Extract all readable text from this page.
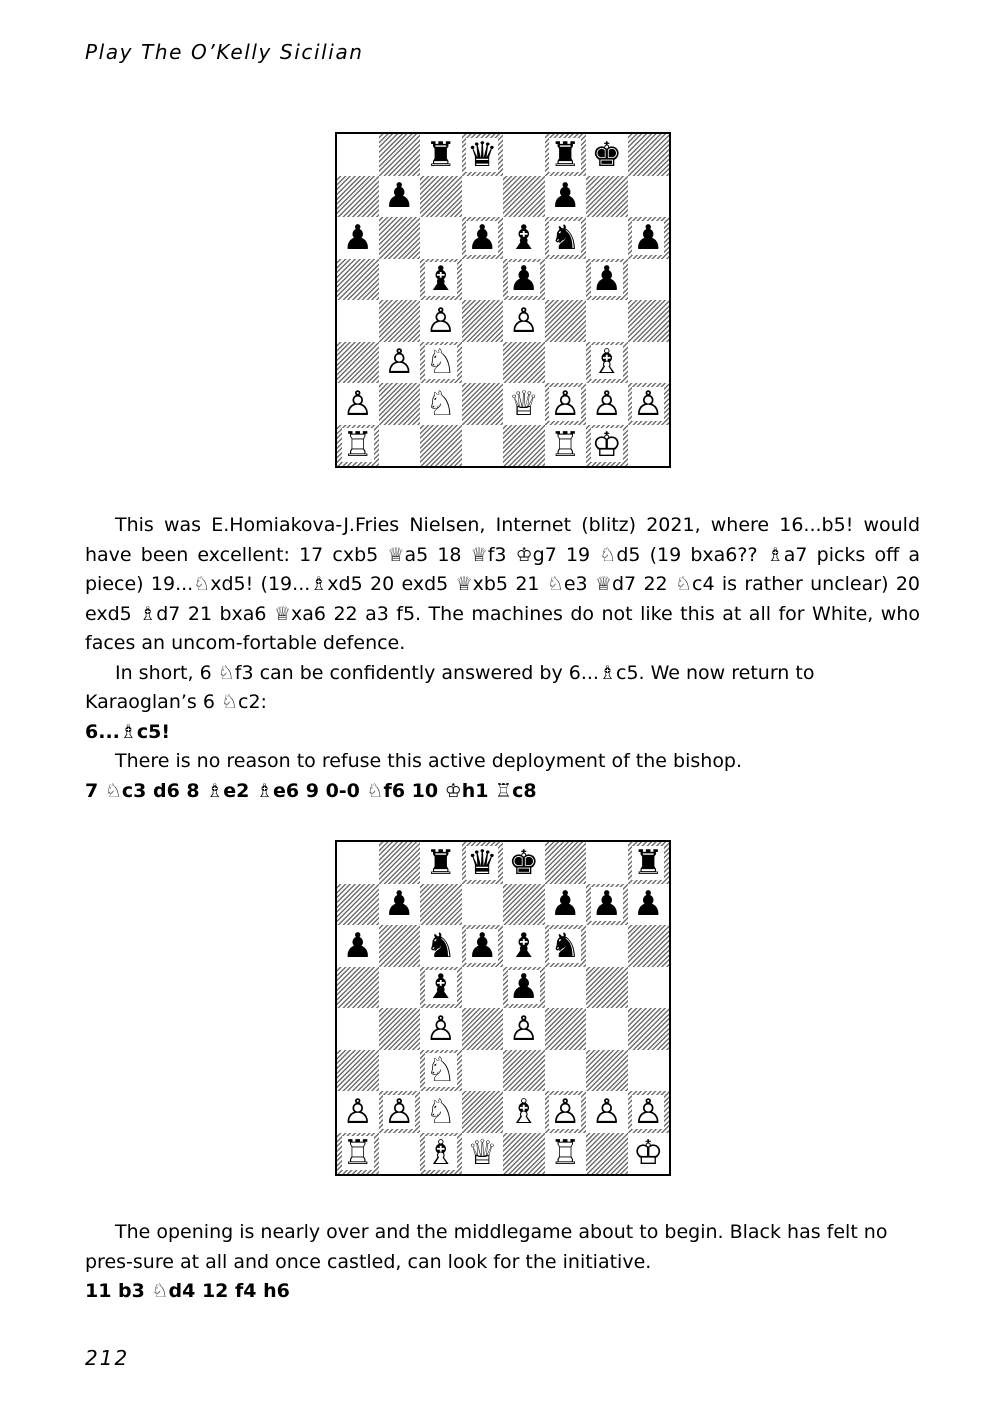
Play The O’Kelly Sicilian
♜ ♛ ♜ ♚
♟	♟
♟	♟ ♝ ♞ ♟
♝ ♟ ♟
♙ ♙
♙ ♘	♗
♙ ♘ ♕ ♙ ♙ ♙
♖	♖ ♔

This was E.Homiakova-J.Fries Nielsen, Internet (blitz) 2021, where 16...b5! would have been excellent: 17 cxb5 ♕a5 18 ♕f3 ♔g7 19 ♘d5 (19 bxa6?? ♗a7 picks off a piece) 19...♘xd5! (19...♗xd5 20 exd5 ♕xb5 21 ♘e3 ♕d7 22 ♘c4 is rather unclear) 20 exd5 ♗d7 21 bxa6 ♕xa6 22 a3 f5. The machines do not like this at all for White, who faces an uncom-fortable defence.

In short, 6 ♘f3 can be confidently answered by 6...♗c5. We now return to Karaoglan’s 6 ♘c2:

6...♗c5!

There is no reason to refuse this active deployment of the bishop.

7 ♘c3 d6 8 ♗e2 ♗e6 9 0-0 ♘f6 10 ♔h1 ♖c8

♜ ♛ ♚	♜
♟	♟ ♟ ♟
♟ ♞ ♟ ♝ ♞
♝ ♟
♙ ♙
♘
♙ ♙ ♘ ♗ ♙ ♙ ♙
♖ ♗ ♕ ♖ ♔

The opening is nearly over and the middlegame about to begin. Black has felt no pres-sure at all and once castled, can look for the initiative.

11 b3 ♘d4 12 f4 h6

212
